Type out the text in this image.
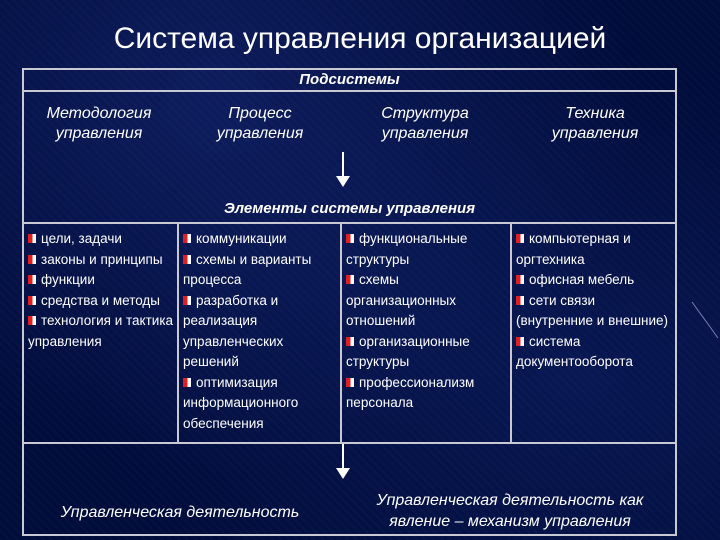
Система управления организацией
Подсистемы
Методология
управления
Процесс
управления
Структура
управления
Техника
управления
Элементы системы управления
цели, задачи
законы и принципы
функции
средства и методы
технология и тактика управления
коммуникации
схемы и варианты процесса
разработка и реализация управленческих решений
оптимизация информационного обеспечения
функциональные структуры
схемы организационных отношений
организационные структуры
профессионализм персонала
компьютерная и оргтехника
офисная мебель
сети связи (внутренние и внешние)
система документооборота
Управленческая деятельность
Управленческая деятельность как
явление – механизм управления
